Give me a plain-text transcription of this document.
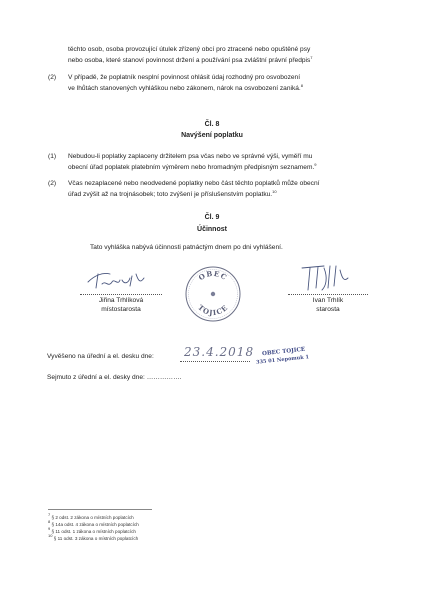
těchto osob, osoba provozující útulek zřízený obcí pro ztracené nebo opuštěné psy
nebo osoba, které stanoví povinnost držení a používání psa zvláštní právní předpis$^7$
(2) V případě, že poplatník nesplní povinnost ohlásit údaj rozhodný pro osvobození
ve lhůtách stanovených vyhláškou nebo zákonem, nárok na osvobození zaniká.$^8$
Čl. 8
Navýšení poplatku
(1) Nebudou-li poplatky zaplaceny držitelem psa včas nebo ve správné výši, vyměří mu
obecní úřad poplatek platebním výměrem nebo hromadným předpisným seznamem.$^9$
(2) Včas nezaplacené nebo neodvedené poplatky nebo část těchto poplatků může obecní
úřad zvýšit až na trojnásobek; toto zvýšení je příslušenstvím poplatku.$^{10}$
Čl. 9
Účinnost
Tato vyhláška nabývá účinnosti patnáctým dnem po dni vyhlášení.
Jiřina Trhlíková
místostarosta
OBEC
TOJICE
Ivan Trhlík
starosta
Vyvěšeno na úřední a el. desku dne:	23.4.2018 OBEC TOJICE
335 01 Nepomuk 1
Sejmuto z úřední a el. desky dne: …………….
$^7$ § 2 odst. 2 zákona o místních poplatcích
$^8$ § 14a odst. 4 zákona o místních poplatcích
$^9$ § 11 odst. 1 zákona o místních poplatcích
$^{10}$ § 11 odst. 3 zákona o místních poplatcích
